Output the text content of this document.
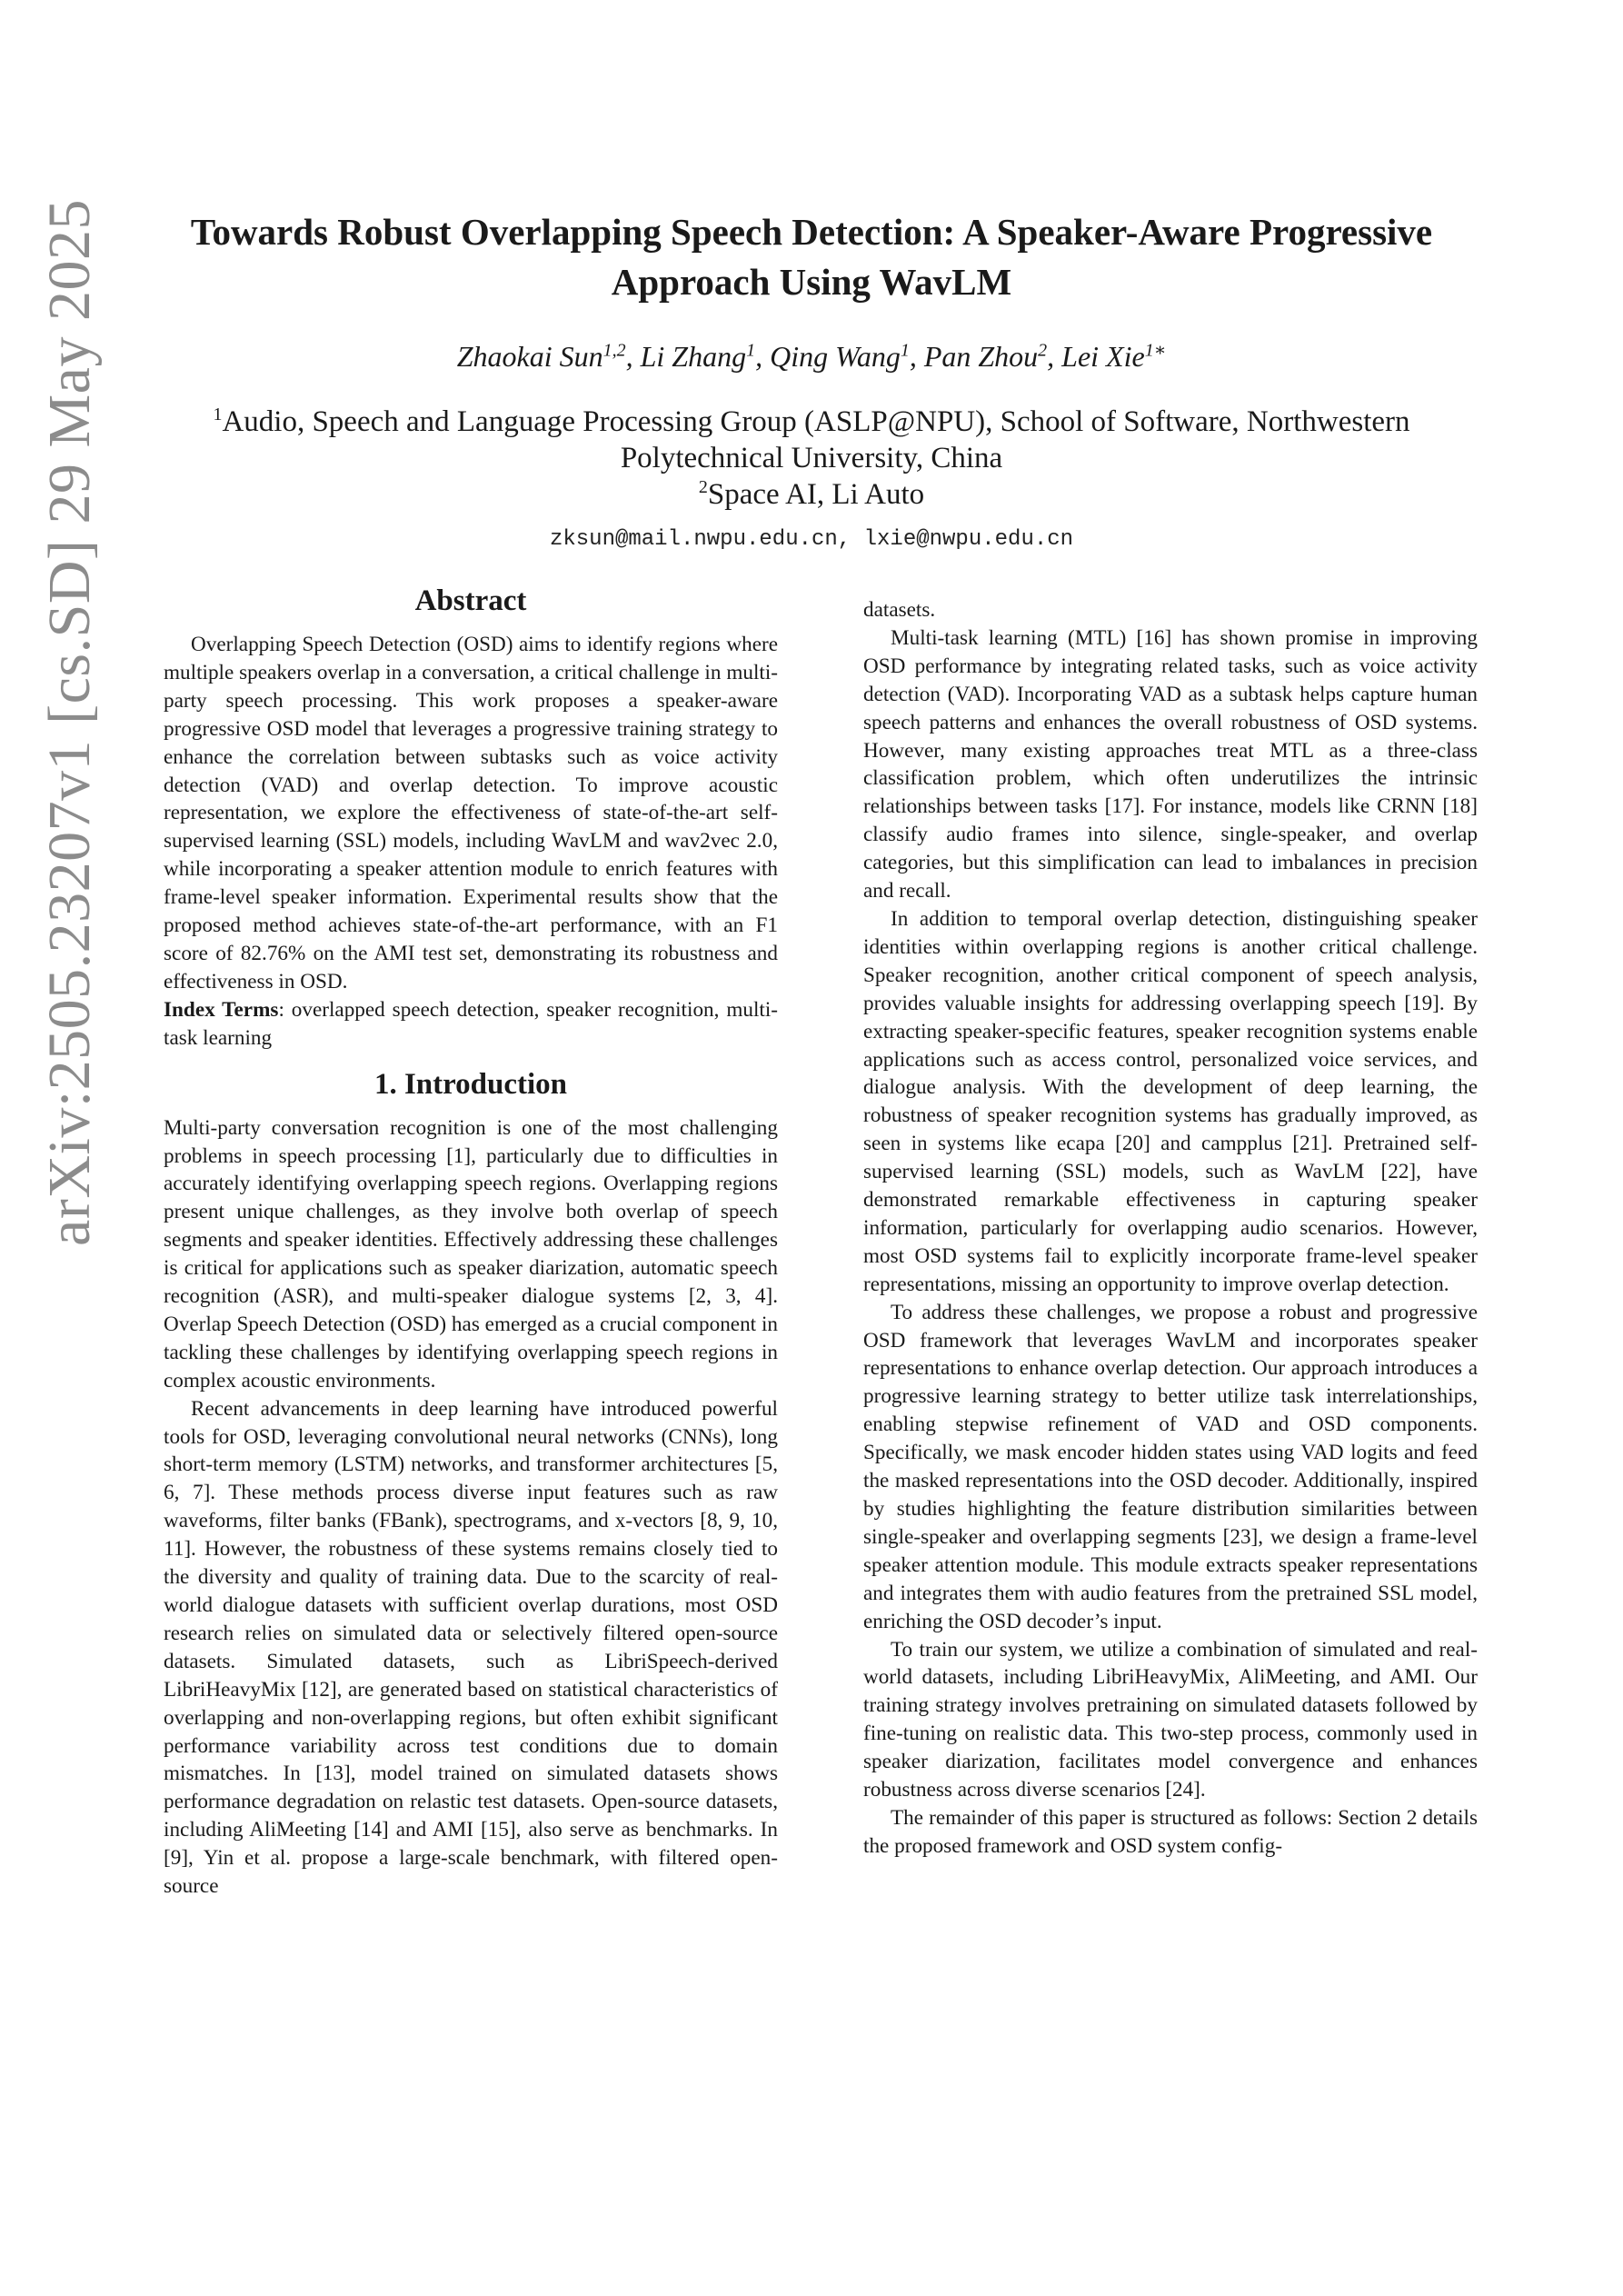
arXiv:2505.23207v1 [cs.SD] 29 May 2025	Towards Robust Overlapping Speech Detection: A Speaker-Aware Progressive
Approach Using WavLM
Zhaokai Sun$^{1,2}$, Li Zhang$^1$, Qing Wang$^1$, Pan Zhou$^2$, Lei Xie$^{1∗}$
$^1$Audio, Speech and Language Processing Group (ASLP@NPU), School of Software, Northwestern
Polytechnical University, China
$^2$Space AI, Li Auto
zksun@mail.nwpu.edu.cn, lxie@nwpu.edu.cn
Abstract

Overlapping Speech Detection (OSD) aims to identify regions where multiple speakers overlap in a conversation, a critical challenge in multi-party speech processing. This work proposes a speaker-aware progressive OSD model that leverages a progressive training strategy to enhance the correlation between subtasks such as voice activity detection (VAD) and overlap detection. To improve acoustic representation, we explore the effectiveness of state-of-the-art self-supervised learning (SSL) models, including WavLM and wav2vec 2.0, while incorporating a speaker attention module to enrich features with frame-level speaker information. Experimental results show that the proposed method achieves state-of-the-art performance, with an F1 score of 82.76% on the AMI test set, demonstrating its robustness and effectiveness in OSD.

Index Terms: overlapped speech detection, speaker recognition, multi-task learning

1. Introduction

Multi-party conversation recognition is one of the most challenging problems in speech processing [1], particularly due to difficulties in accurately identifying overlapping speech regions. Overlapping regions present unique challenges, as they involve both overlap of speech segments and speaker identities. Effectively addressing these challenges is critical for applications such as speaker diarization, automatic speech recognition (ASR), and multi-speaker dialogue systems [2, 3, 4]. Overlap Speech Detection (OSD) has emerged as a crucial component in tackling these challenges by identifying overlapping speech regions in complex acoustic environments.

Recent advancements in deep learning have introduced powerful tools for OSD, leveraging convolutional neural networks (CNNs), long short-term memory (LSTM) networks, and transformer architectures [5, 6, 7]. These methods process diverse input features such as raw waveforms, filter banks (FBank), spectrograms, and x-vectors [8, 9, 10, 11]. However, the robustness of these systems remains closely tied to the diversity and quality of training data. Due to the scarcity of real-world dialogue datasets with sufficient overlap durations, most OSD research relies on simulated data or selectively filtered open-source datasets. Simulated datasets, such as LibriSpeech-derived LibriHeavyMix [12], are generated based on statistical characteristics of overlapping and non-overlapping regions, but often exhibit significant performance variability across test conditions due to domain mismatches. In [13], model trained on simulated datasets shows performance degradation on relastic test datasets. Open-source datasets, including AliMeeting [14] and AMI [15], also serve as benchmarks. In [9], Yin et al. propose a large-scale benchmark, with filtered open-source

datasets.

Multi-task learning (MTL) [16] has shown promise in improving OSD performance by integrating related tasks, such as voice activity detection (VAD). Incorporating VAD as a subtask helps capture human speech patterns and enhances the overall robustness of OSD systems. However, many existing approaches treat MTL as a three-class classification problem, which often underutilizes the intrinsic relationships between tasks [17]. For instance, models like CRNN [18] classify audio frames into silence, single-speaker, and overlap categories, but this simplification can lead to imbalances in precision and recall.

In addition to temporal overlap detection, distinguishing speaker identities within overlapping regions is another critical challenge. Speaker recognition, another critical component of speech analysis, provides valuable insights for addressing overlapping speech [19]. By extracting speaker-specific features, speaker recognition systems enable applications such as access control, personalized voice services, and dialogue analysis. With the development of deep learning, the robustness of speaker recognition systems has gradually improved, as seen in systems like ecapa [20] and campplus [21]. Pretrained self-supervised learning (SSL) models, such as WavLM [22], have demonstrated remarkable effectiveness in capturing speaker information, particularly for overlapping audio scenarios. However, most OSD systems fail to explicitly incorporate frame-level speaker representations, missing an opportunity to improve overlap detection.

To address these challenges, we propose a robust and progressive OSD framework that leverages WavLM and incorporates speaker representations to enhance overlap detection. Our approach introduces a progressive learning strategy to better utilize task interrelationships, enabling stepwise refinement of VAD and OSD components. Specifically, we mask encoder hidden states using VAD logits and feed the masked representations into the OSD decoder. Additionally, inspired by studies highlighting the feature distribution similarities between single-speaker and overlapping segments [23], we design a frame-level speaker attention module. This module extracts speaker representations and integrates them with audio features from the pretrained SSL model, enriching the OSD decoder’s input.

To train our system, we utilize a combination of simulated and real-world datasets, including LibriHeavyMix, AliMeeting, and AMI. Our training strategy involves pretraining on simulated datasets followed by fine-tuning on realistic data. This two-step process, commonly used in speaker diarization, facilitates model convergence and enhances robustness across diverse scenarios [24].

The remainder of this paper is structured as follows: Section 2 details the proposed framework and OSD system config-
